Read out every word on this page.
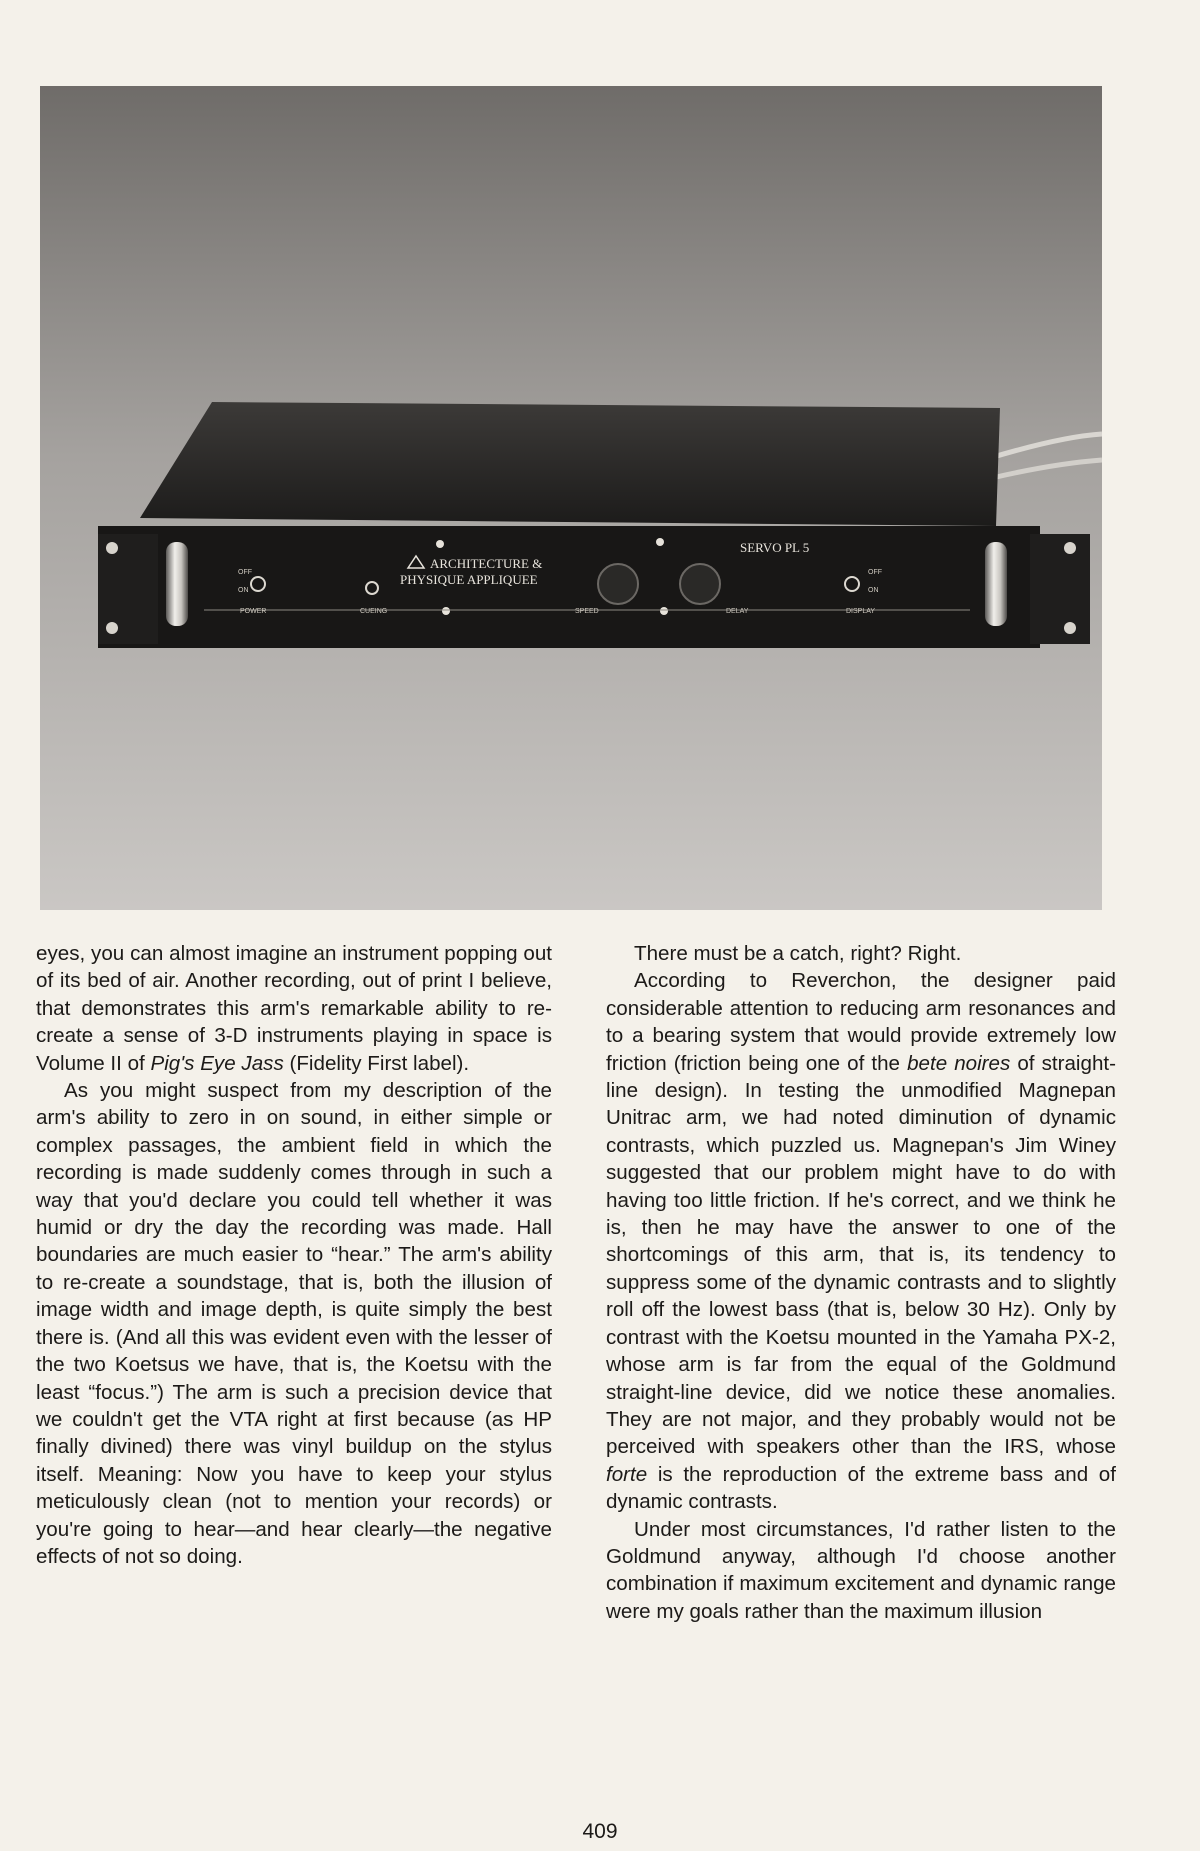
ARCHITECTURE &
PHYSIQUE APPLIQUEE
SERVO PL 5
POWER	CUEING	SPEED	DELAY	DISPLAY
OFF
ON
OFF
ON

eyes, you can almost imagine an instrument popping out of its bed of air. Another recording, out of print I believe, that demonstrates this arm's remarkable ability to re-create a sense of 3-D instruments playing in space is Volume II of Pig's Eye Jass (Fidelity First label).

As you might suspect from my description of the arm's ability to zero in on sound, in either simple or complex passages, the ambient field in which the recording is made suddenly comes through in such a way that you'd declare you could tell whether it was humid or dry the day the recording was made. Hall boundaries are much easier to “hear.” The arm's ability to re-create a soundstage, that is, both the illusion of image width and image depth, is quite simply the best there is. (And all this was evident even with the lesser of the two Koetsus we have, that is, the Koetsu with the least “focus.”) The arm is such a precision device that we couldn't get the VTA right at first because (as HP finally divined) there was vinyl buildup on the stylus itself. Meaning: Now you have to keep your stylus meticulously clean (not to mention your records) or you're going to hear—and hear clearly—the negative effects of not so doing.

There must be a catch, right? Right.

According to Reverchon, the designer paid considerable attention to reducing arm resonances and to a bearing system that would provide extremely low friction (friction being one of the bete noires of straight-line design). In testing the unmodified Magnepan Unitrac arm, we had noted diminution of dynamic contrasts, which puzzled us. Magnepan's Jim Winey suggested that our problem might have to do with having too little friction. If he's correct, and we think he is, then he may have the answer to one of the shortcomings of this arm, that is, its tendency to suppress some of the dynamic contrasts and to slightly roll off the lowest bass (that is, below 30 Hz). Only by contrast with the Koetsu mounted in the Yamaha PX-2, whose arm is far from the equal of the Goldmund straight-line device, did we notice these anomalies. They are not major, and they probably would not be perceived with speakers other than the IRS, whose forte is the reproduction of the extreme bass and of dynamic contrasts.

Under most circumstances, I'd rather listen to the Goldmund anyway, although I'd choose another combination if maximum excitement and dynamic range were my goals rather than the maximum illusion

409
